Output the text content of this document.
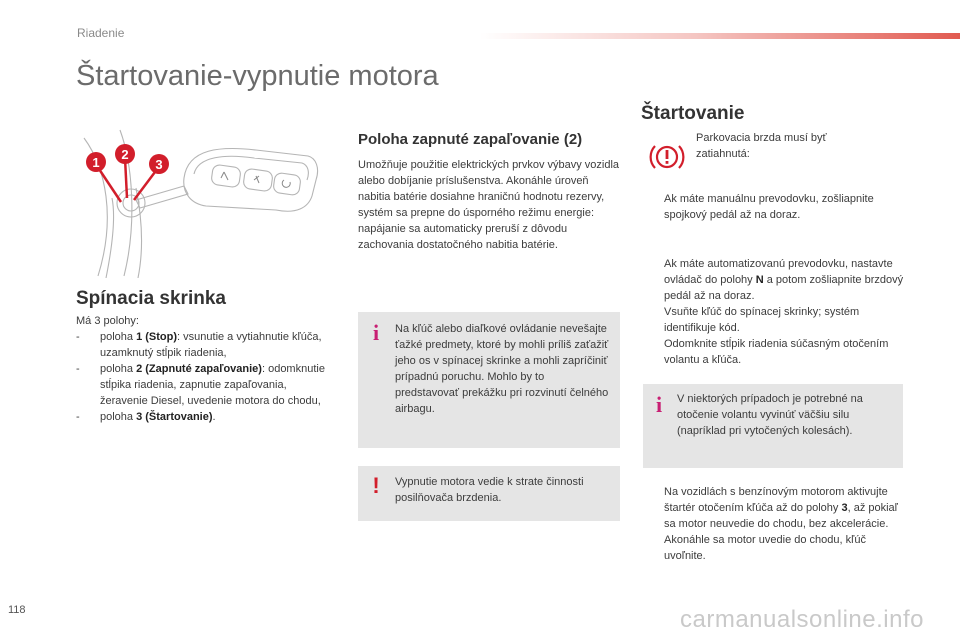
Riadenie
Štartovanie-vypnutie motora
1
2
3
Spínacia skrinka
Má 3 polohy:
- poloha 1 (Stop): vsunutie a vytiahnutie kľúča, uzamknutý stĺpik riadenia,
- poloha 2 (Zapnuté zapaľovanie): odomknutie stĺpika riadenia, zapnutie zapaľovania, žeravenie Diesel, uvedenie motora do chodu,
- poloha 3 (Štartovanie).
Poloha zapnuté zapaľovanie (2)
Umožňuje použitie elektrických prvkov výbavy vozidla alebo dobíjanie príslušenstva. Akonáhle úroveň nabitia batérie dosiahne hraničnú hodnotu rezervy, systém sa prepne do úsporného režimu energie: napájanie sa automaticky preruší z dôvodu zachovania dostatočného nabitia batérie.
i	Na kľúč alebo diaľkové ovládanie nevešajte ťažké predmety, ktoré by mohli príliš zaťažiť jeho os v spínacej skrinke a mohli zapríčiniť prípadnú poruchu. Mohlo by to predstavovať prekážku pri rozvinutí čelného airbagu.
!	Vypnutie motora vedie k strate činnosti posilňovača brzdenia.
Štartovanie
Parkovacia brzda musí byť zatiahnutá:
Ak máte manuálnu prevodovku, zošliapnite spojkový pedál až na doraz.
Ak máte automatizovanú prevodovku, nastavte ovládač do polohy N a potom zošliapnite brzdový pedál až na doraz.
Vsuňte kľúč do spínacej skrinky; systém identifikuje kód.
Odomknite stĺpik riadenia súčasným otočením volantu a kľúča.
i	V niektorých prípadoch je potrebné na otočenie volantu vyvinúť väčšiu silu (napríklad pri vytočených kolesách).
Na vozidlách s benzínovým motorom aktivujte štartér otočením kľúča až do polohy 3, až pokiaľ sa motor neuvedie do chodu, bez akcelerácie. Akonáhle sa motor uvedie do chodu, kľúč uvoľnite.
118	carmanualsonline.info
